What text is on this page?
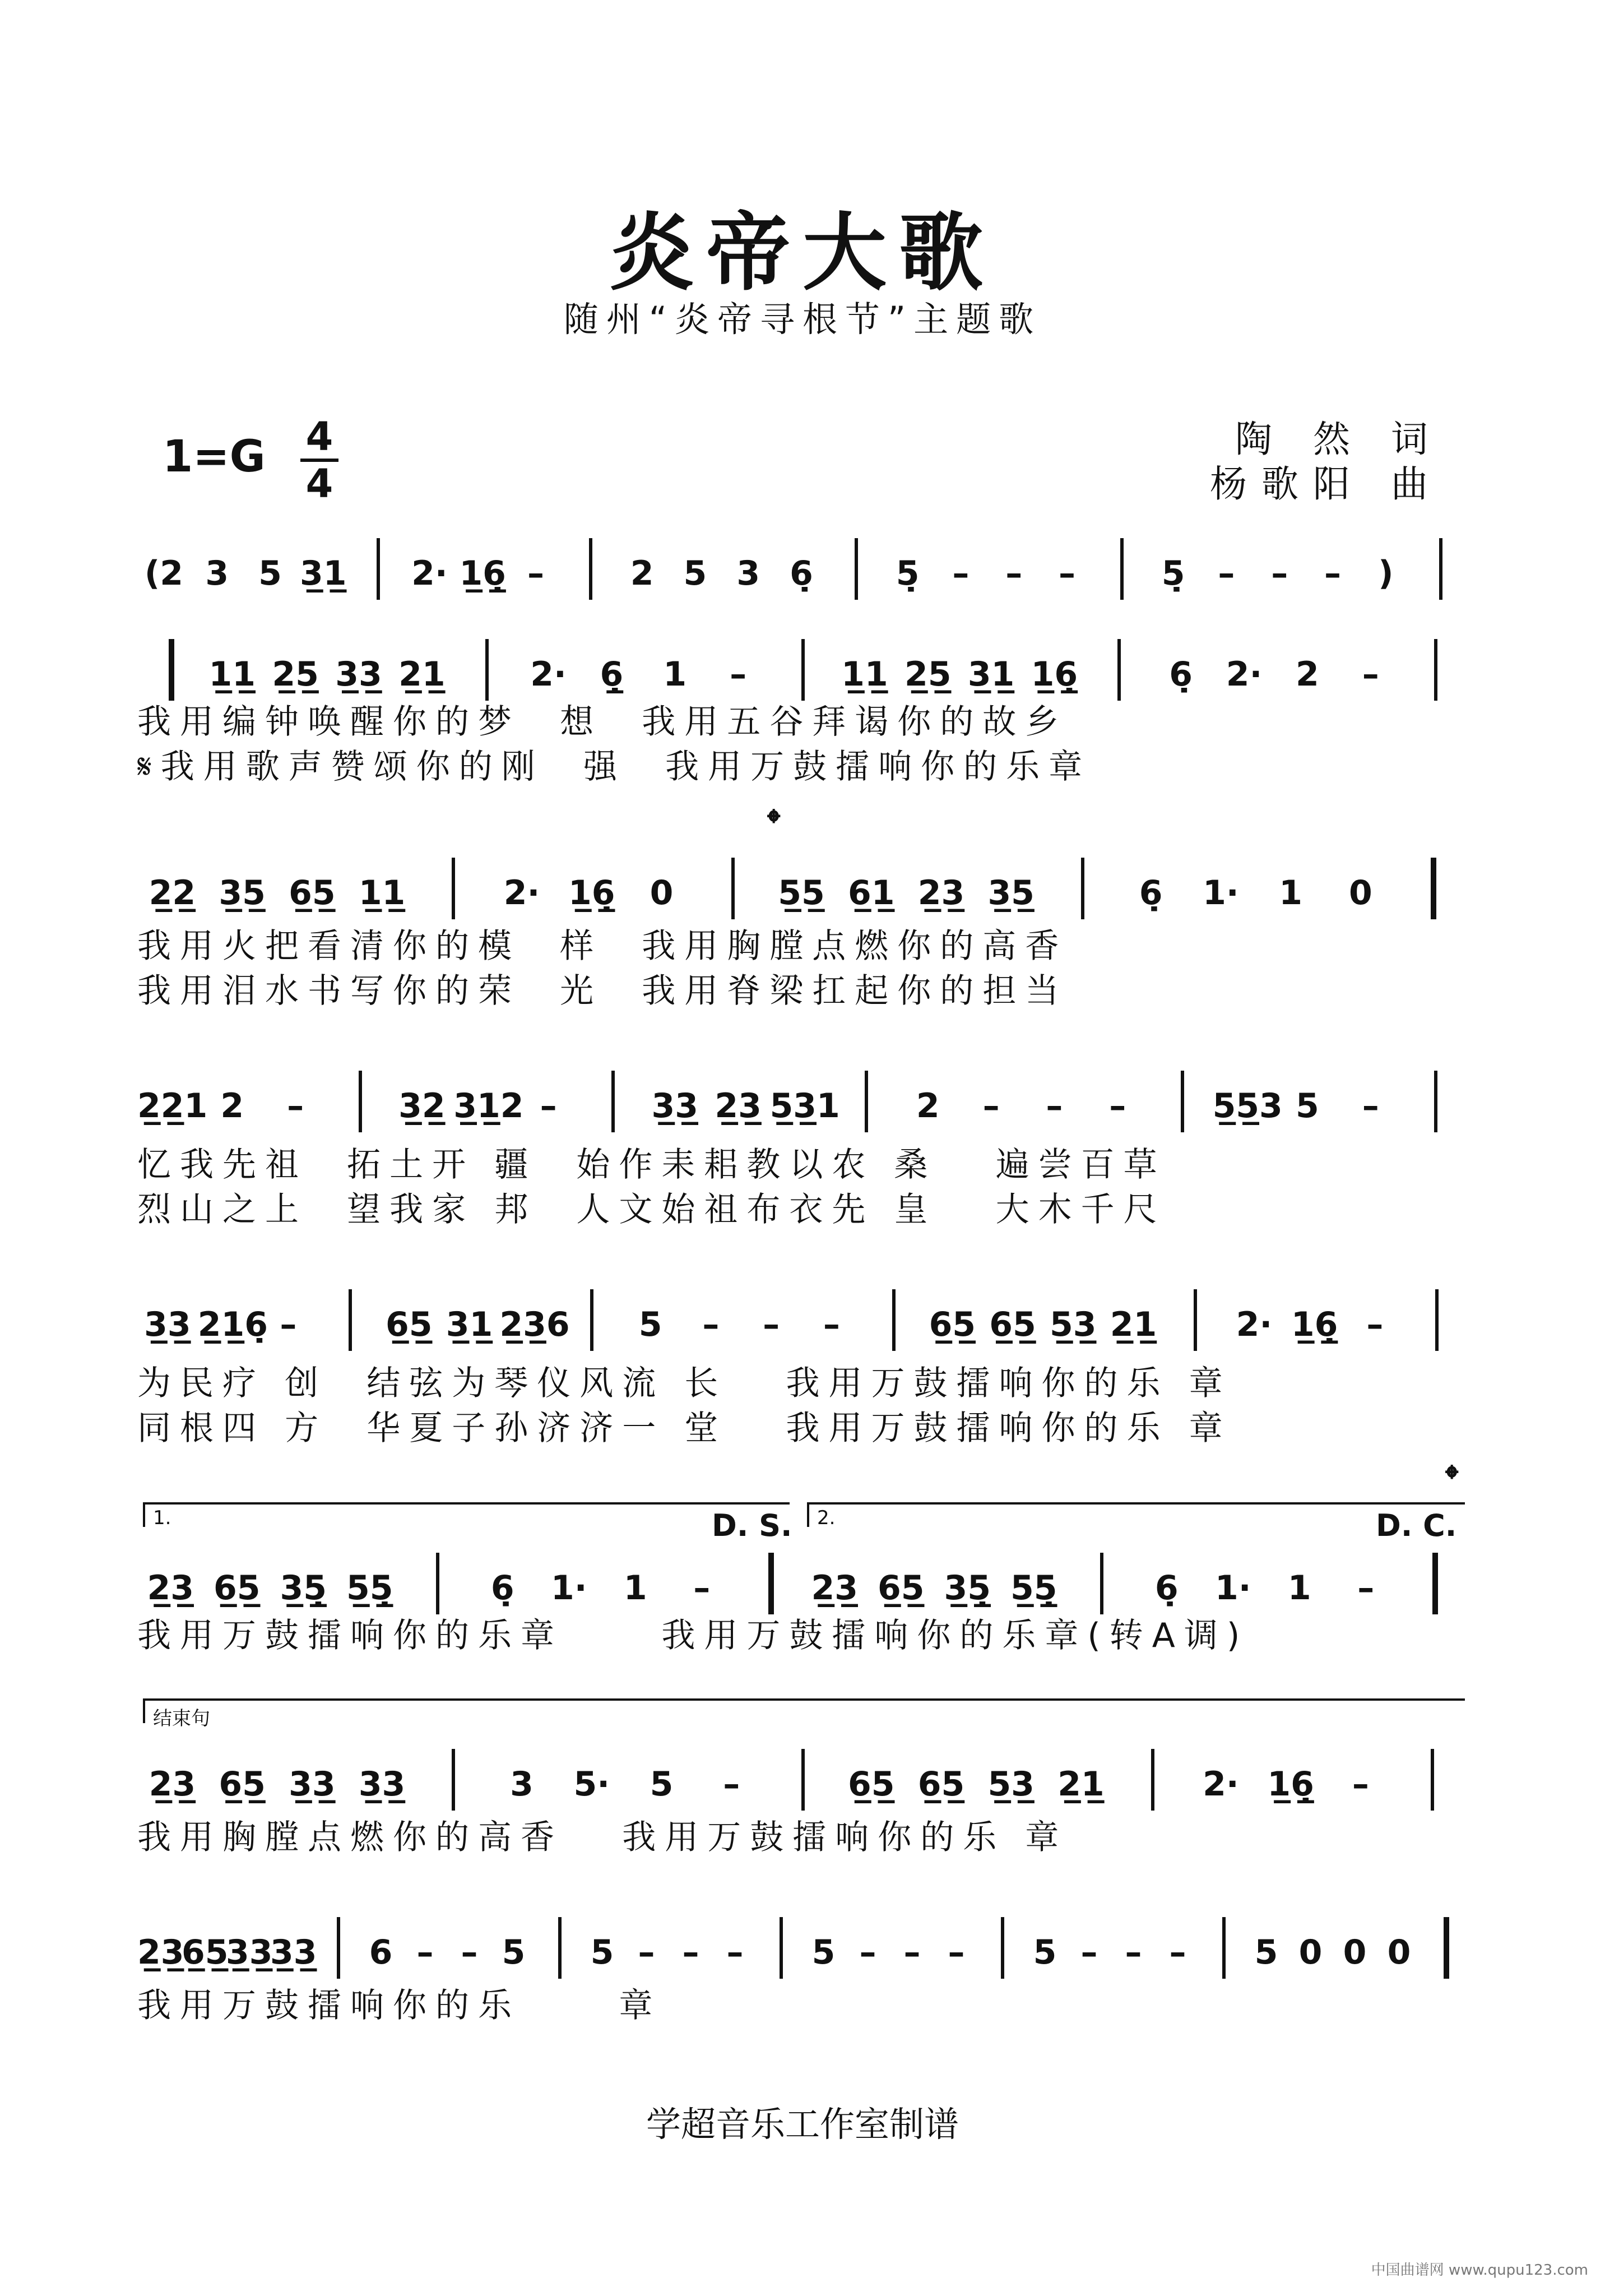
炎帝大歌
随州“炎帝寻根节”主题歌
1=G 4
4
陶 然 词
杨歌阳 曲
(2 3 5 3̲1̲ 2· 1̲6̣̲ –	2 5 3 6̣	5̣ –	–	–	5̣ –	–	–	)
1̲1̲ 2̲5̲ 3̲3̲ 2̲1̲	2· 6̣̲	1	–	1̲1̲ 2̲5̲ 3̲1̲ 1̲6̣̲	6̣ 2· 2	–
我用编钟唤醒你的梦  想  我用五谷拜谒你的故乡
𝄋我用歌声赞颂你的刚  强  我用万鼓擂响你的乐章
𝄌
2̲2̲ 3̲5̲ 6̲5̲ 1̲1̲	2· 1̲6̣̲	0	5̲5̲ 6̲1̲ 2̲3̲ 3̲5̲	6̣	1·	1	0
我用火把看清你的模  样  我用胸膛点燃你的高香
我用泪水书写你的荣  光  我用脊梁扛起你的担当
2̲2̲1 2	–	3̲2̲ 3̲1̲2 –	3̲3̲ 2̲3̲ 5̲3̲1	2	–	–	–	5̲5̲3 5	–
忆我先祖  拓土开 疆  始作耒耜教以农 桑   遍尝百草
烈山之上  望我家 邦  人文始祖布衣先 皇   大木千尺
3̲3̲ 2̲1̲6̣ –	6̲5̲ 3̲1̲ 2̲3̲6	5	–	–	–	6̲5̲ 6̲5̲ 5̲3̲ 2̲1̲	2· 1̲6̣̲ –
为民疗 创  结弦为琴仪风流 长   我用万鼓擂响你的乐 章
同根四 方  华夏子孙济济一 堂   我用万鼓擂响你的乐 章
𝄌
1.	2.
D. S.	D. C.
2̲3̲ 6̲5̲ 3̲5̣̲ 5̲5̣̲	6̣	1·	1	–	2̲3̲ 6̲5̲ 3̲5̣̲ 5̲5̣̲	6̣	1·	1	–
我用万鼓擂响你的乐章     我用万鼓擂响你的乐章(转A调)
结束句
2̲3̲ 6̲5̲ 3̲3̲ 3̲3̲	3	5·	5	–	6̲5̲ 6̲5̲ 5̲3̲ 2̲1̲	2· 1̲6̣̲	–
我用胸膛点燃你的高香   我用万鼓擂响你的乐 章
2̲3̲
6̲5̲
3̲3̲
3̲3̲	6 – – 5	5 – – –	5 – – –	5 – – –	5 0 0 0
我用万鼓擂响你的乐     章
学超音乐工作室制谱
中国曲谱网 www.qupu123.com
